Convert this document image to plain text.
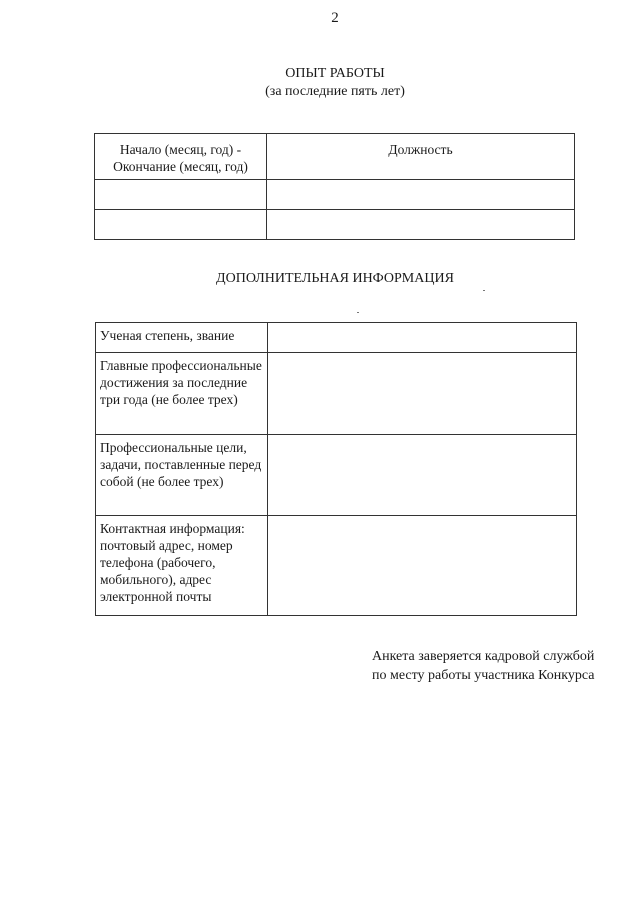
2
ОПЫТ РАБОТЫ
(за последние пять лет)
Начало (месяц, год) - Окончание (месяц, год)	Должность

ДОПОЛНИТЕЛЬНАЯ ИНФОРМАЦИЯ
Ученая степень, звание	
Главные профессиональные достижения за последние три года (не более трех)	
Профессиональные цели, задачи, поставленные перед собой (не более трех)	
Контактная информация: почтовый адрес, номер телефона (рабочего, мобильного), адрес электронной почты	
Анкета заверяется кадровой службой
по месту работы участника Конкурса
